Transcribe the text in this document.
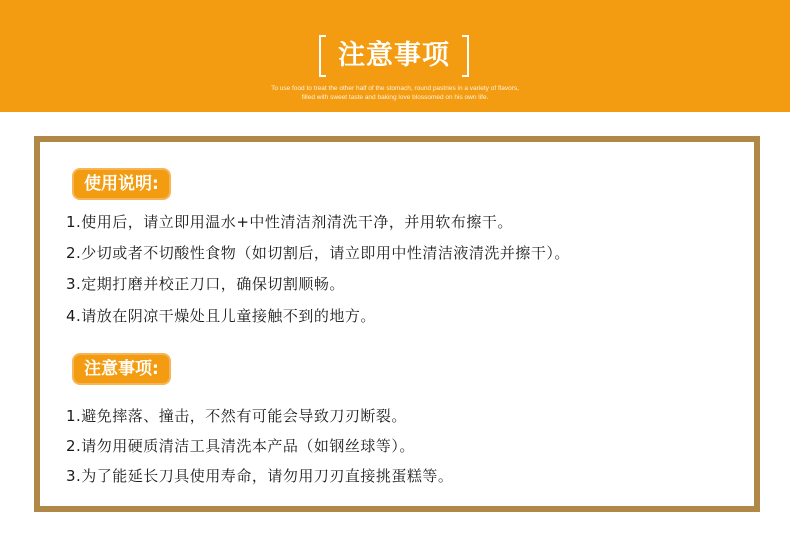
注意事项
To use food to treat the other half of the stomach, round pastries in a variety of flavors,
filled with sweet taste and baking love blossomed on his own life.
使用说明:
1.使用后，请立即用温水+中性清洁剂清洗干净，并用软布擦干。
2.少切或者不切酸性食物（如切割后，请立即用中性清洁液清洗并擦干）。
3.定期打磨并校正刀口，确保切割顺畅。
4.请放在阴凉干燥处且儿童接触不到的地方。
注意事项:
1.避免摔落、撞击，不然有可能会导致刀刃断裂。
2.请勿用硬质清洁工具清洗本产品（如钢丝球等）。
3.为了能延长刀具使用寿命，请勿用刀刃直接挑蛋糕等。
